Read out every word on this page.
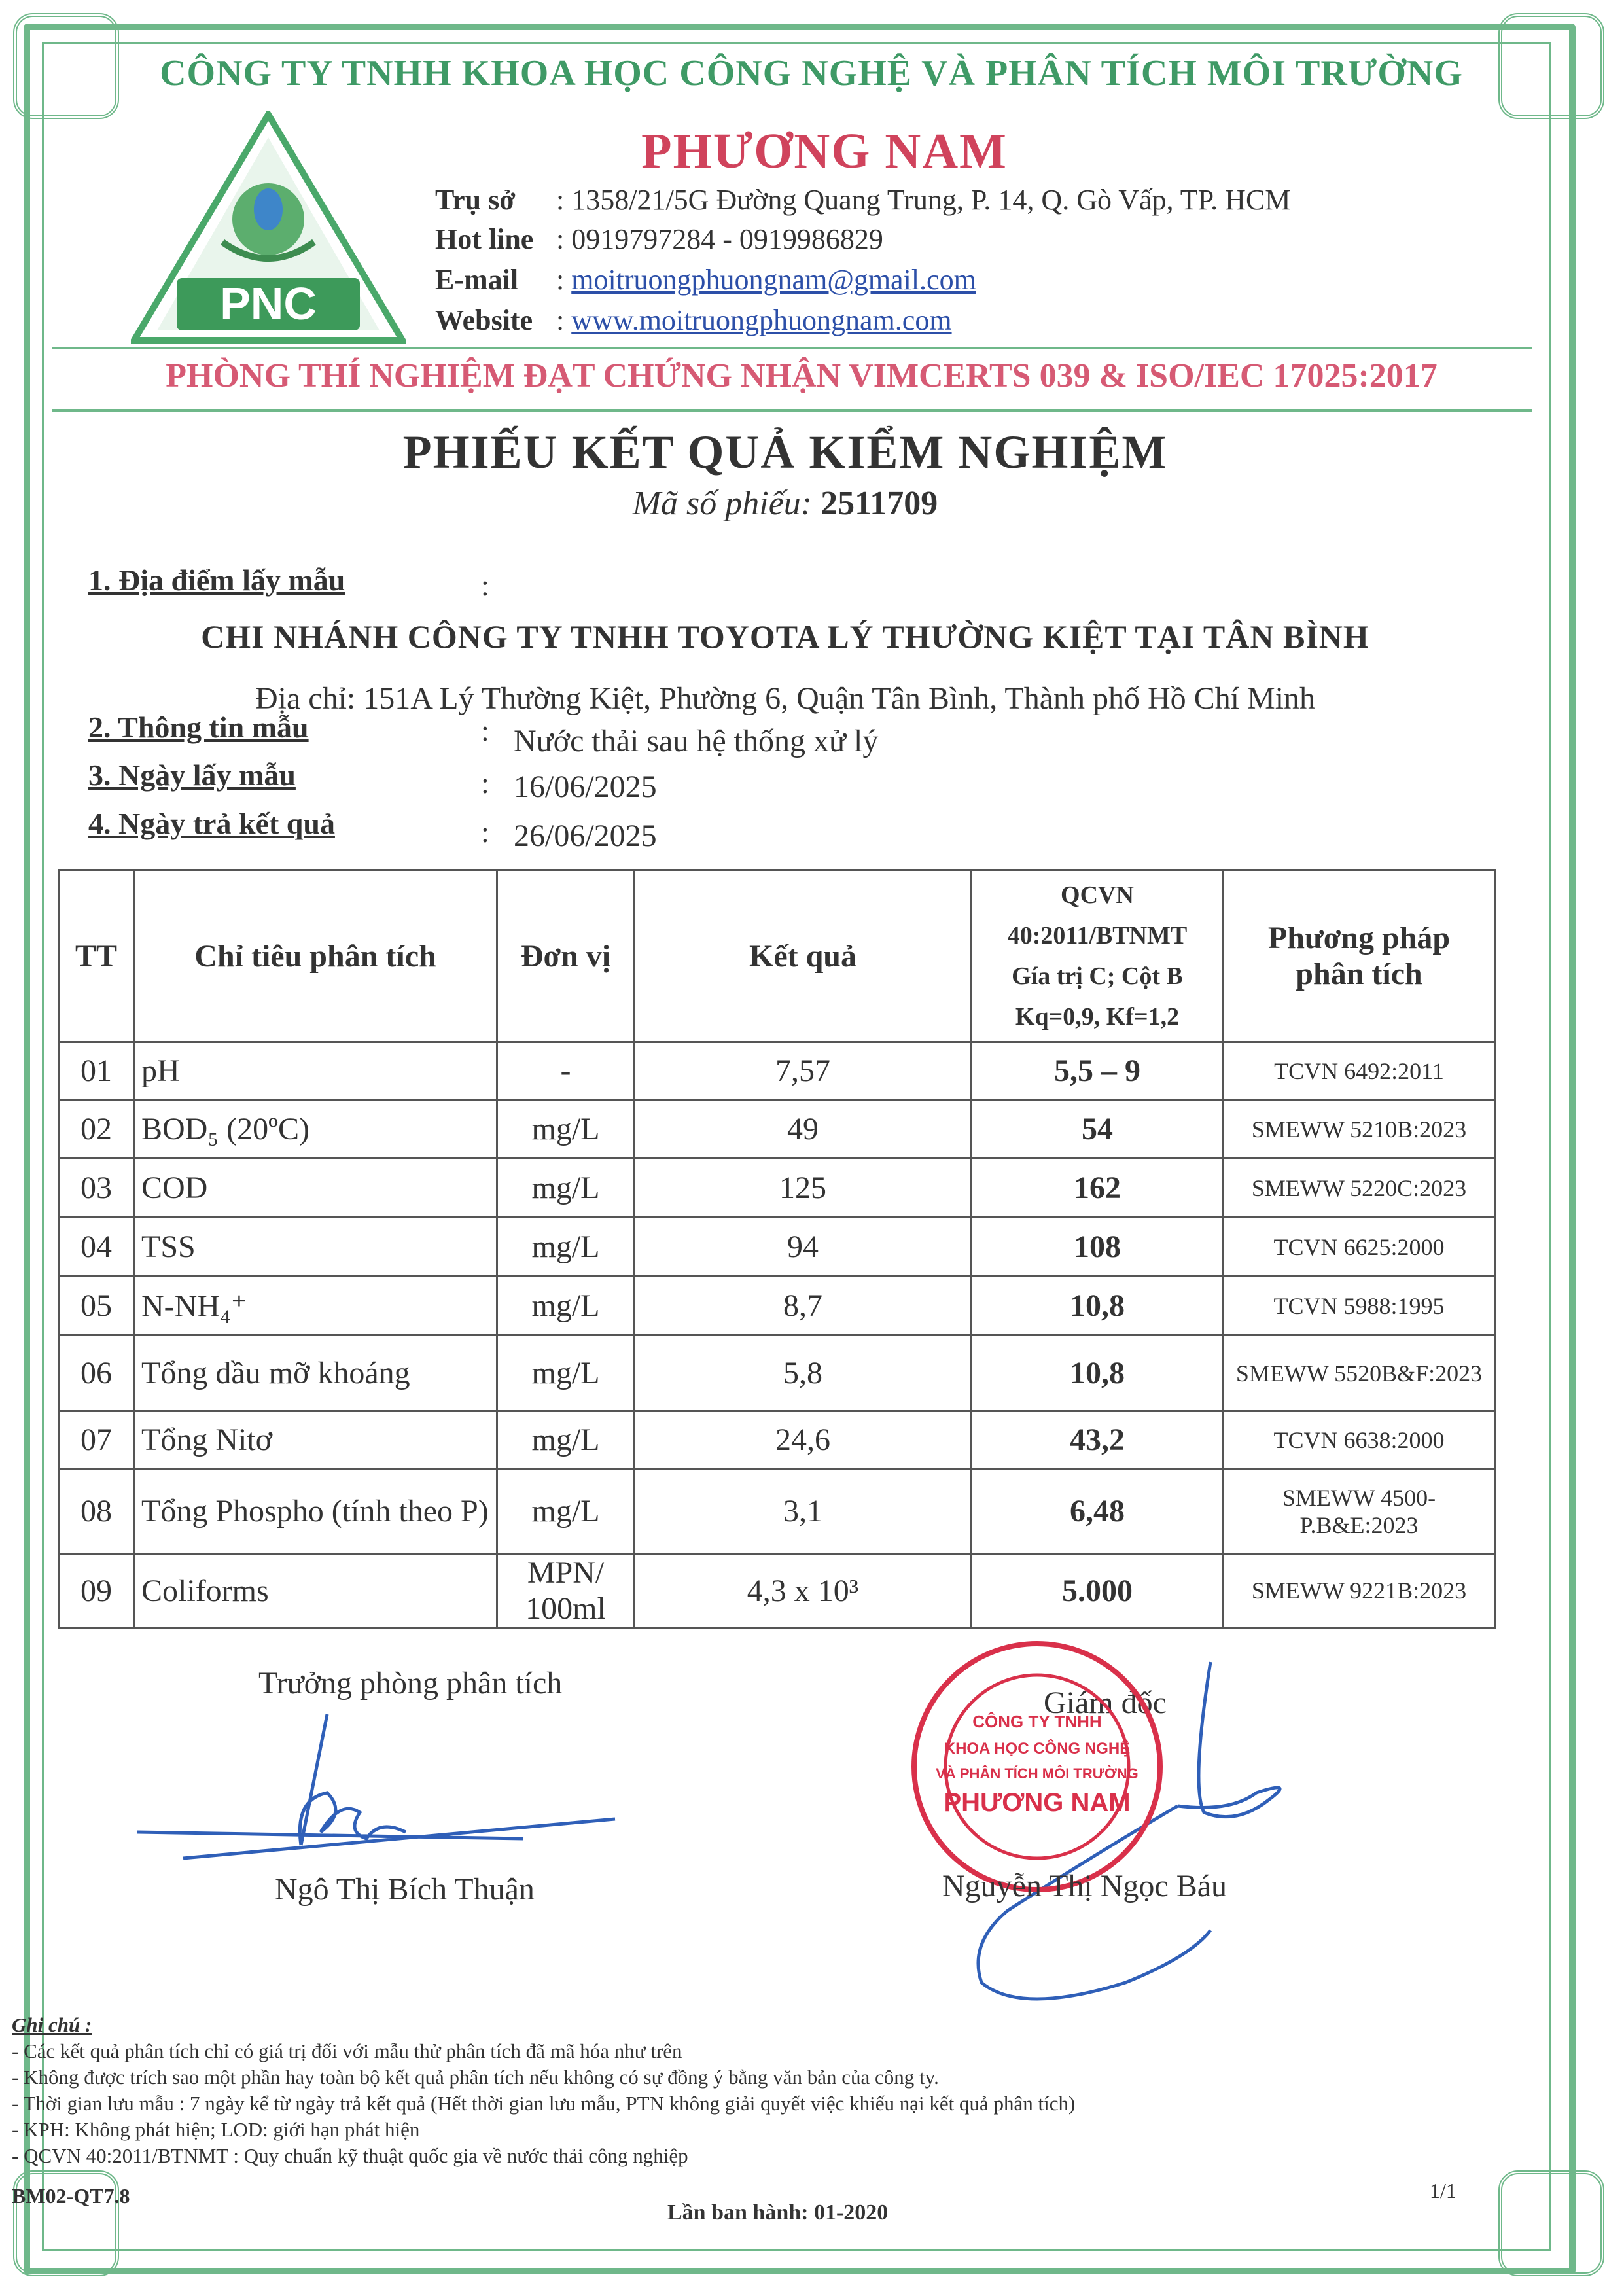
CÔNG TY TNHH KHOA HỌC CÔNG NGHỆ VÀ PHÂN TÍCH MÔI TRƯỜNG
PNC
PHƯƠNG NAM
Trụ sở : 1358/21/5G Đường Quang Trung, P. 14, Q. Gò Vấp, TP. HCM
Hot line : 0919797284 - 0919986829
E-mail : moitruongphuongnam@gmail.com
Website : www.moitruongphuongnam.com
PHÒNG THÍ NGHIỆM ĐẠT CHỨNG NHẬN VIMCERTS 039 & ISO/IEC 17025:2017
PHIẾU KẾT QUẢ KIỂM NGHIỆM
Mã số phiếu: 2511709
1. Địa điểm lấy mẫu	:
CHI NHÁNH CÔNG TY TNHH TOYOTA LÝ THƯỜNG KIỆT TẠI TÂN BÌNH
Địa chỉ: 151A Lý Thường Kiệt, Phường 6, Quận Tân Bình, Thành phố Hồ Chí Minh
2. Thông tin mẫu	: Nước thải sau hệ thống xử lý
3. Ngày lấy mẫu	: 16/06/2025
4. Ngày trả kết quả	: 26/06/2025
TT	Chỉ tiêu phân tích	Đơn vị	Kết quả	QCVN
40:2011/BTNMT
Gía trị C; Cột B
Kq=0,9, Kf=1,2	Phương pháp phân tích
01	pH	-	7,57	5,5 – 9	TCVN 6492:2011
02	BOD₅ (20ºC)	mg/L	49	54	SMEWW 5210B:2023
03	COD	mg/L	125	162	SMEWW 5220C:2023
04	TSS	mg/L	94	108	TCVN 6625:2000
05	N-NH₄⁺	mg/L	8,7	10,8	TCVN 5988:1995
06	Tổng dầu mỡ khoáng	mg/L	5,8	10,8	SMEWW 5520B&F:2023
07	Tổng Nitơ	mg/L	24,6	43,2	TCVN 6638:2000
08	Tổng Phospho (tính theo P)	mg/L	3,1	6,48	SMEWW 4500-P.B&E:2023
09	Coliforms	MPN/ 100ml	4,3 x 10³	5.000	SMEWW 9221B:2023
Trưởng phòng phân tích
Ngô Thị Bích Thuận
Giám đốc
CÔNG TY TNHH
KHOA HỌC CÔNG NGHỆ
VÀ PHÂN TÍCH MÔI TRƯỜNG
PHƯƠNG NAM
Nguyễn Thị Ngọc Báu
Ghi chú :
- Các kết quả phân tích chỉ có giá trị đối với mẫu thử phân tích đã mã hóa như trên
- Không được trích sao một phần hay toàn bộ kết quả phân tích nếu không có sự đồng ý bằng văn bản của công ty.
- Thời gian lưu mẫu : 7 ngày kể từ ngày trả kết quả (Hết thời gian lưu mẫu, PTN không giải quyết việc khiếu nại kết quả phân tích)
- KPH: Không phát hiện; LOD: giới hạn phát hiện
- QCVN 40:2011/BTNMT : Quy chuẩn kỹ thuật quốc gia về nước thải công nghiệp
BM02-QT7.8
Lần ban hành: 01-2020
1/1
